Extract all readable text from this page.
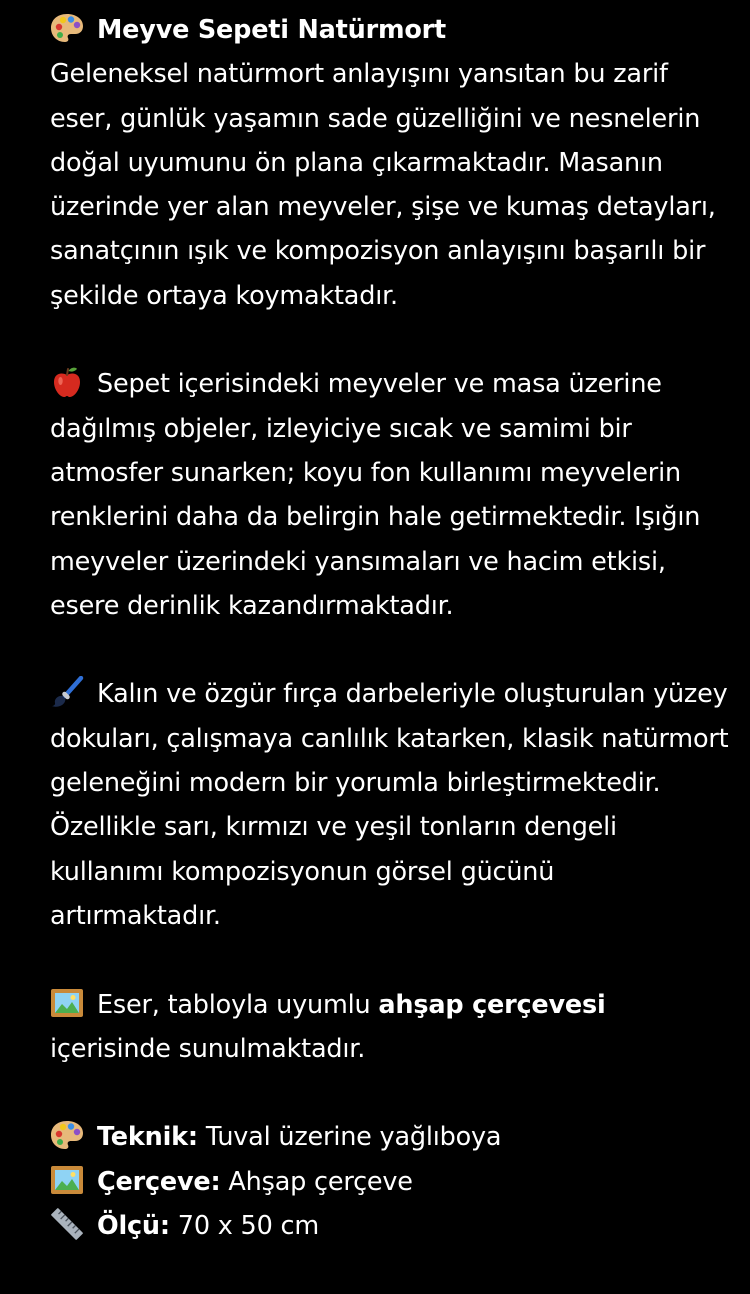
Meyve Sepeti Natürmort

Geleneksel natürmort anlayışını yansıtan bu zarif eser, günlük yaşamın sade güzelliğini ve nesnelerin doğal uyumunu ön plana çıkarmaktadır. Masanın üzerinde yer alan meyveler, şişe ve kumaş detayları, sanatçının ışık ve kompozisyon anlayışını başarılı bir şekilde ortaya koymaktadır.

Sepet içerisindeki meyveler ve masa üzerine dağılmış objeler, izleyiciye sıcak ve samimi bir atmosfer sunarken; koyu fon kullanımı meyvelerin renklerini daha da belirgin hale getirmektedir. Işığın meyveler üzerindeki yansımaları ve hacim etkisi, esere derinlik kazandırmaktadır.

Kalın ve özgür fırça darbeleriyle oluşturulan yüzey dokuları, çalışmaya canlılık katarken, klasik natürmort geleneğini modern bir yorumla birleştirmektedir. Özellikle sarı, kırmızı ve yeşil tonların dengeli kullanımı kompozisyonun görsel gücünü artırmaktadır.

Eser, tabloyla uyumlu ahşap çerçevesi içerisinde sunulmaktadır.

Teknik: Tuval üzerine yağlıboya

Çerçeve: Ahşap çerçeve

Ölçü: 70 x 50 cm
